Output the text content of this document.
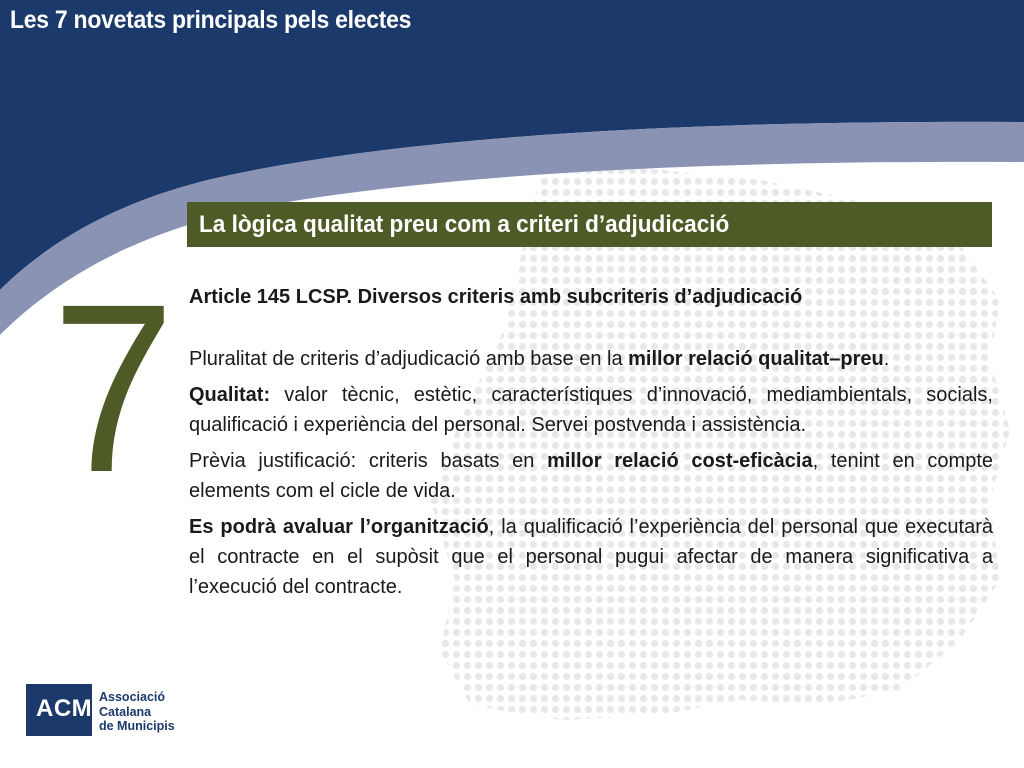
Les 7 novetats principals pels electes
La lògica qualitat preu com a criteri d’adjudicació
7 Article 145 LCSP. Diversos criteris amb subcriteris d’adjudicació

Pluralitat de criteris d’adjudicació amb base en la millor relació qualitat–preu.

Qualitat: valor tècnic, estètic, característiques d’innovació, mediambientals, socials, qualificació i experiència del personal. Servei postvenda i assistència.

Prèvia justificació: criteris basats en millor relació cost-eficàcia, tenint en compte elements com el cicle de vida.

Es podrà avaluar l’organització, la qualificació l’experiència del personal que executarà el contracte en el supòsit que el personal pugui afectar de manera significativa a l’execució del contracte.

ACM Associació
Catalana
de Municipis
